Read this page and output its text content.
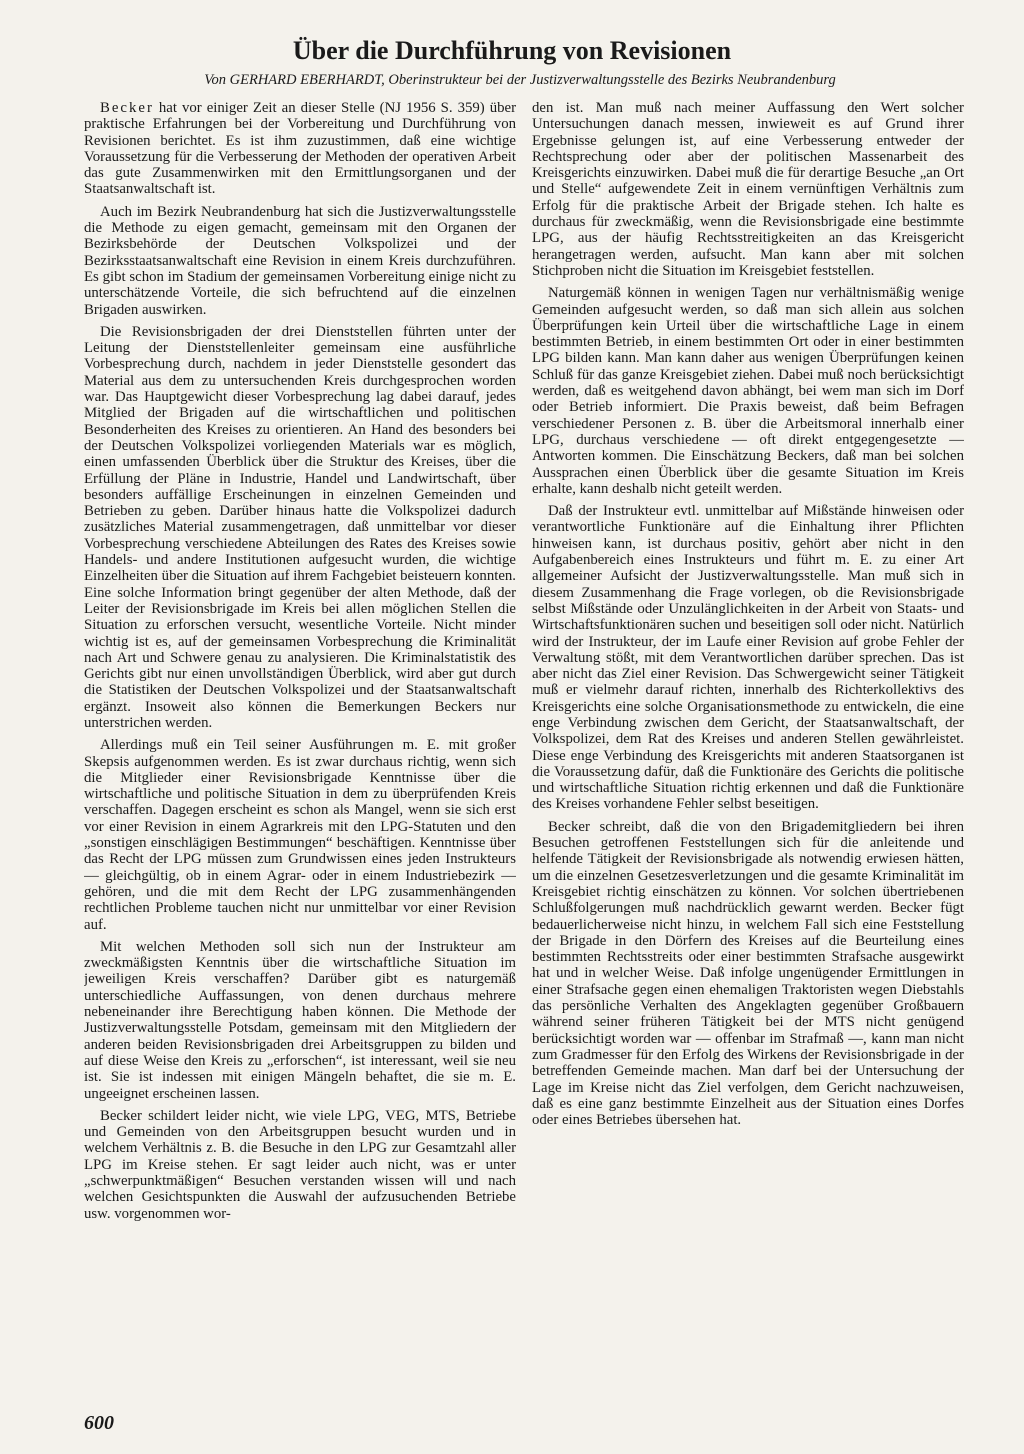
Über die Durchführung von Revisionen
Von GERHARD EBERHARDT, Oberinstrukteur bei der Justizverwaltungsstelle des Bezirks Neubrandenburg

Becker hat vor einiger Zeit an dieser Stelle (NJ 1956 S. 359) über praktische Erfahrungen bei der Vorbereitung und Durchführung von Revisionen berichtet. Es ist ihm zuzustimmen, daß eine wichtige Voraussetzung für die Verbesserung der Methoden der operativen Arbeit das gute Zusammenwirken mit den Ermittlungsorganen und der Staatsanwaltschaft ist.

Auch im Bezirk Neubrandenburg hat sich die Justizverwaltungsstelle die Methode zu eigen gemacht, gemeinsam mit den Organen der Bezirksbehörde der Deutschen Volkspolizei und der Bezirksstaatsanwaltschaft eine Revision in einem Kreis durchzuführen. Es gibt schon im Stadium der gemeinsamen Vorbereitung einige nicht zu unterschätzende Vorteile, die sich befruchtend auf die einzelnen Brigaden auswirken.

Die Revisionsbrigaden der drei Dienststellen führten unter der Leitung der Dienststellenleiter gemeinsam eine ausführliche Vorbesprechung durch, nachdem in jeder Dienststelle gesondert das Material aus dem zu untersuchenden Kreis durchgesprochen worden war. Das Hauptgewicht dieser Vorbesprechung lag dabei darauf, jedes Mitglied der Brigaden auf die wirtschaftlichen und politischen Besonderheiten des Kreises zu orientieren. An Hand des besonders bei der Deutschen Volkspolizei vorliegenden Materials war es möglich, einen umfassenden Überblick über die Struktur des Kreises, über die Erfüllung der Pläne in Industrie, Handel und Landwirtschaft, über besonders auffällige Erscheinungen in einzelnen Gemeinden und Betrieben zu geben. Darüber hinaus hatte die Volkspolizei dadurch zusätzliches Material zusammengetragen, daß unmittelbar vor dieser Vorbesprechung verschiedene Abteilungen des Rates des Kreises sowie Handels- und andere Institutionen aufgesucht wurden, die wichtige Einzelheiten über die Situation auf ihrem Fachgebiet beisteuern konnten. Eine solche Information bringt gegenüber der alten Methode, daß der Leiter der Revisionsbrigade im Kreis bei allen möglichen Stellen die Situation zu erforschen versucht, wesentliche Vorteile. Nicht minder wichtig ist es, auf der gemeinsamen Vorbesprechung die Kriminalität nach Art und Schwere genau zu analysieren. Die Kriminalstatistik des Gerichts gibt nur einen unvollständigen Überblick, wird aber gut durch die Statistiken der Deutschen Volkspolizei und der Staatsanwaltschaft ergänzt. Insoweit also können die Bemerkungen Beckers nur unterstrichen werden.

Allerdings muß ein Teil seiner Ausführungen m. E. mit großer Skepsis aufgenommen werden. Es ist zwar durchaus richtig, wenn sich die Mitglieder einer Revisionsbrigade Kenntnisse über die wirtschaftliche und politische Situation in dem zu überprüfenden Kreis verschaffen. Dagegen erscheint es schon als Mangel, wenn sie sich erst vor einer Revision in einem Agrarkreis mit den LPG-Statuten und den „sonstigen einschlägigen Bestimmungen“ beschäftigen. Kenntnisse über das Recht der LPG müssen zum Grundwissen eines jeden Instrukteurs — gleichgültig, ob in einem Agrar- oder in einem Industriebezirk — gehören, und die mit dem Recht der LPG zusammenhängenden rechtlichen Probleme tauchen nicht nur unmittelbar vor einer Revision auf.

Mit welchen Methoden soll sich nun der Instrukteur am zweckmäßigsten Kenntnis über die wirtschaftliche Situation im jeweiligen Kreis verschaffen? Darüber gibt es naturgemäß unterschiedliche Auffassungen, von denen durchaus mehrere nebeneinander ihre Berechtigung haben können. Die Methode der Justizverwaltungsstelle Potsdam, gemeinsam mit den Mitgliedern der anderen beiden Revisionsbrigaden drei Arbeitsgruppen zu bilden und auf diese Weise den Kreis zu „erforschen“, ist interessant, weil sie neu ist. Sie ist indessen mit einigen Mängeln behaftet, die sie m. E. ungeeignet erscheinen lassen.

Becker schildert leider nicht, wie viele LPG, VEG, MTS, Betriebe und Gemeinden von den Arbeitsgruppen besucht wurden und in welchem Verhältnis z. B. die Besuche in den LPG zur Gesamtzahl aller LPG im Kreise stehen. Er sagt leider auch nicht, was er unter „schwerpunktmäßigen“ Besuchen verstanden wissen will und nach welchen Gesichtspunkten die Auswahl der aufzusuchenden Betriebe usw. vorgenommen wor-

den ist. Man muß nach meiner Auffassung den Wert solcher Untersuchungen danach messen, inwieweit es auf Grund ihrer Ergebnisse gelungen ist, auf eine Verbesserung entweder der Rechtsprechung oder aber der politischen Massenarbeit des Kreisgerichts einzuwirken. Dabei muß die für derartige Besuche „an Ort und Stelle“ aufgewendete Zeit in einem vernünftigen Verhältnis zum Erfolg für die praktische Arbeit der Brigade stehen. Ich halte es durchaus für zweckmäßig, wenn die Revisionsbrigade eine bestimmte LPG, aus der häufig Rechtsstreitigkeiten an das Kreisgericht herangetragen werden, aufsucht. Man kann aber mit solchen Stichproben nicht die Situation im Kreisgebiet feststellen.

Naturgemäß können in wenigen Tagen nur verhältnismäßig wenige Gemeinden aufgesucht werden, so daß man sich allein aus solchen Überprüfungen kein Urteil über die wirtschaftliche Lage in einem bestimmten Betrieb, in einem bestimmten Ort oder in einer bestimmten LPG bilden kann. Man kann daher aus wenigen Überprüfungen keinen Schluß für das ganze Kreisgebiet ziehen. Dabei muß noch berücksichtigt werden, daß es weitgehend davon abhängt, bei wem man sich im Dorf oder Betrieb informiert. Die Praxis beweist, daß beim Befragen verschiedener Personen z. B. über die Arbeitsmoral innerhalb einer LPG, durchaus verschiedene — oft direkt entgegengesetzte — Antworten kommen. Die Einschätzung Beckers, daß man bei solchen Aussprachen einen Überblick über die gesamte Situation im Kreis erhalte, kann deshalb nicht geteilt werden.

Daß der Instrukteur evtl. unmittelbar auf Mißstände hinweisen oder verantwortliche Funktionäre auf die Einhaltung ihrer Pflichten hinweisen kann, ist durchaus positiv, gehört aber nicht in den Aufgabenbereich eines Instrukteurs und führt m. E. zu einer Art allgemeiner Aufsicht der Justizverwaltungsstelle. Man muß sich in diesem Zusammenhang die Frage vorlegen, ob die Revisionsbrigade selbst Mißstände oder Unzulänglichkeiten in der Arbeit von Staats- und Wirtschaftsfunktionären suchen und beseitigen soll oder nicht. Natürlich wird der Instrukteur, der im Laufe einer Revision auf grobe Fehler der Verwaltung stößt, mit dem Verantwortlichen darüber sprechen. Das ist aber nicht das Ziel einer Revision. Das Schwergewicht seiner Tätigkeit muß er vielmehr darauf richten, innerhalb des Richterkollektivs des Kreisgerichts eine solche Organisationsmethode zu entwickeln, die eine enge Verbindung zwischen dem Gericht, der Staatsanwaltschaft, der Volkspolizei, dem Rat des Kreises und anderen Stellen gewährleistet. Diese enge Verbindung des Kreisgerichts mit anderen Staatsorganen ist die Voraussetzung dafür, daß die Funktionäre des Gerichts die politische und wirtschaftliche Situation richtig erkennen und daß die Funktionäre des Kreises vorhandene Fehler selbst beseitigen.

Becker schreibt, daß die von den Brigademitgliedern bei ihren Besuchen getroffenen Feststellungen sich für die anleitende und helfende Tätigkeit der Revisionsbrigade als notwendig erwiesen hätten, um die einzelnen Gesetzesverletzungen und die gesamte Kriminalität im Kreisgebiet richtig einschätzen zu können. Vor solchen übertriebenen Schlußfolgerungen muß nachdrücklich gewarnt werden. Becker fügt bedauerlicherweise nicht hinzu, in welchem Fall sich eine Feststellung der Brigade in den Dörfern des Kreises auf die Beurteilung eines bestimmten Rechtsstreits oder einer bestimmten Strafsache ausgewirkt hat und in welcher Weise. Daß infolge ungenügender Ermittlungen in einer Strafsache gegen einen ehemaligen Traktoristen wegen Diebstahls das persönliche Verhalten des Angeklagten gegenüber Großbauern während seiner früheren Tätigkeit bei der MTS nicht genügend berücksichtigt worden war — offenbar im Strafmaß —, kann man nicht zum Gradmesser für den Erfolg des Wirkens der Revisionsbrigade in der betreffenden Gemeinde machen. Man darf bei der Untersuchung der Lage im Kreise nicht das Ziel verfolgen, dem Gericht nachzuweisen, daß es eine ganz bestimmte Einzelheit aus der Situation eines Dorfes oder eines Betriebes übersehen hat.

600
